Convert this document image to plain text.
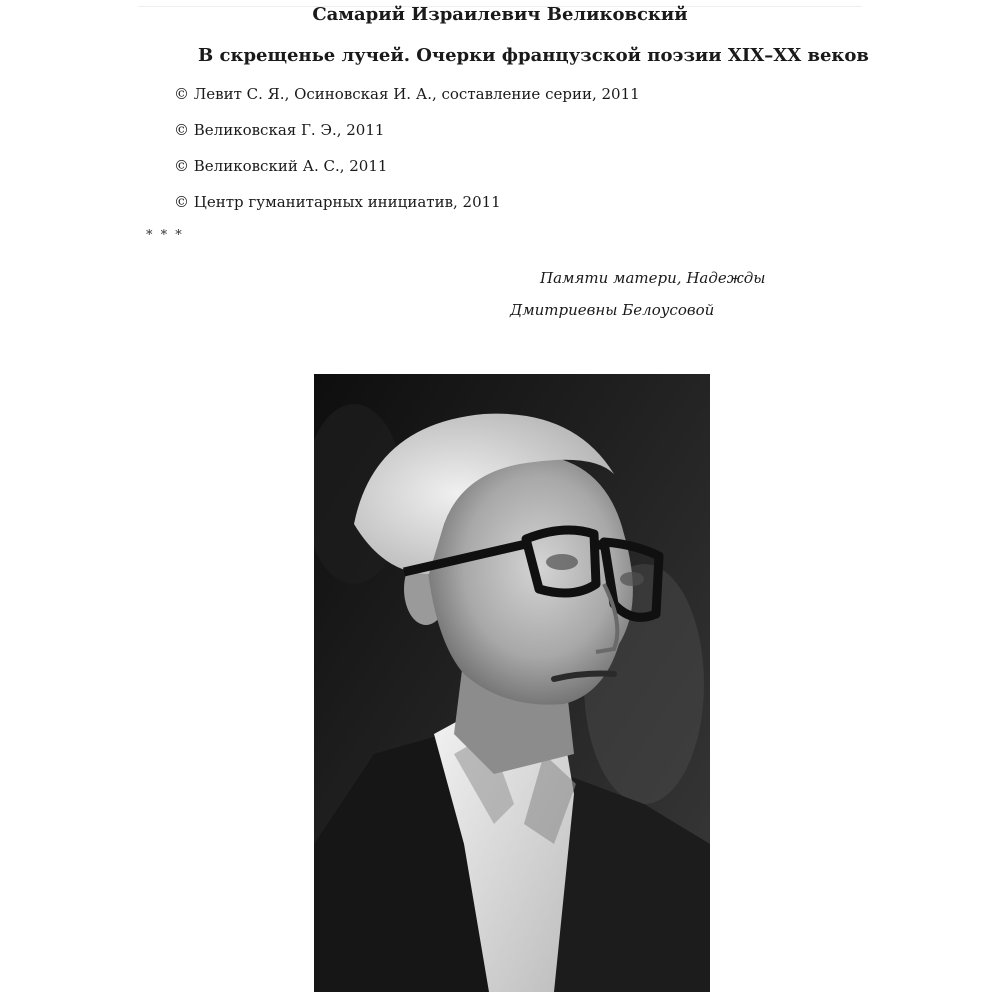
Самарий Израилевич Великовский
В скрещенье лучей. Очерки французской поэзии XIX–XX веков
© Левит С. Я., Осиновская И. А., составление серии, 2011
© Великовская Г. Э., 2011
© Великовский А. С., 2011
© Центр гуманитарных инициатив, 2011
* * *
Памяти матери, Надежды
Дмитриевны Белоусовой
